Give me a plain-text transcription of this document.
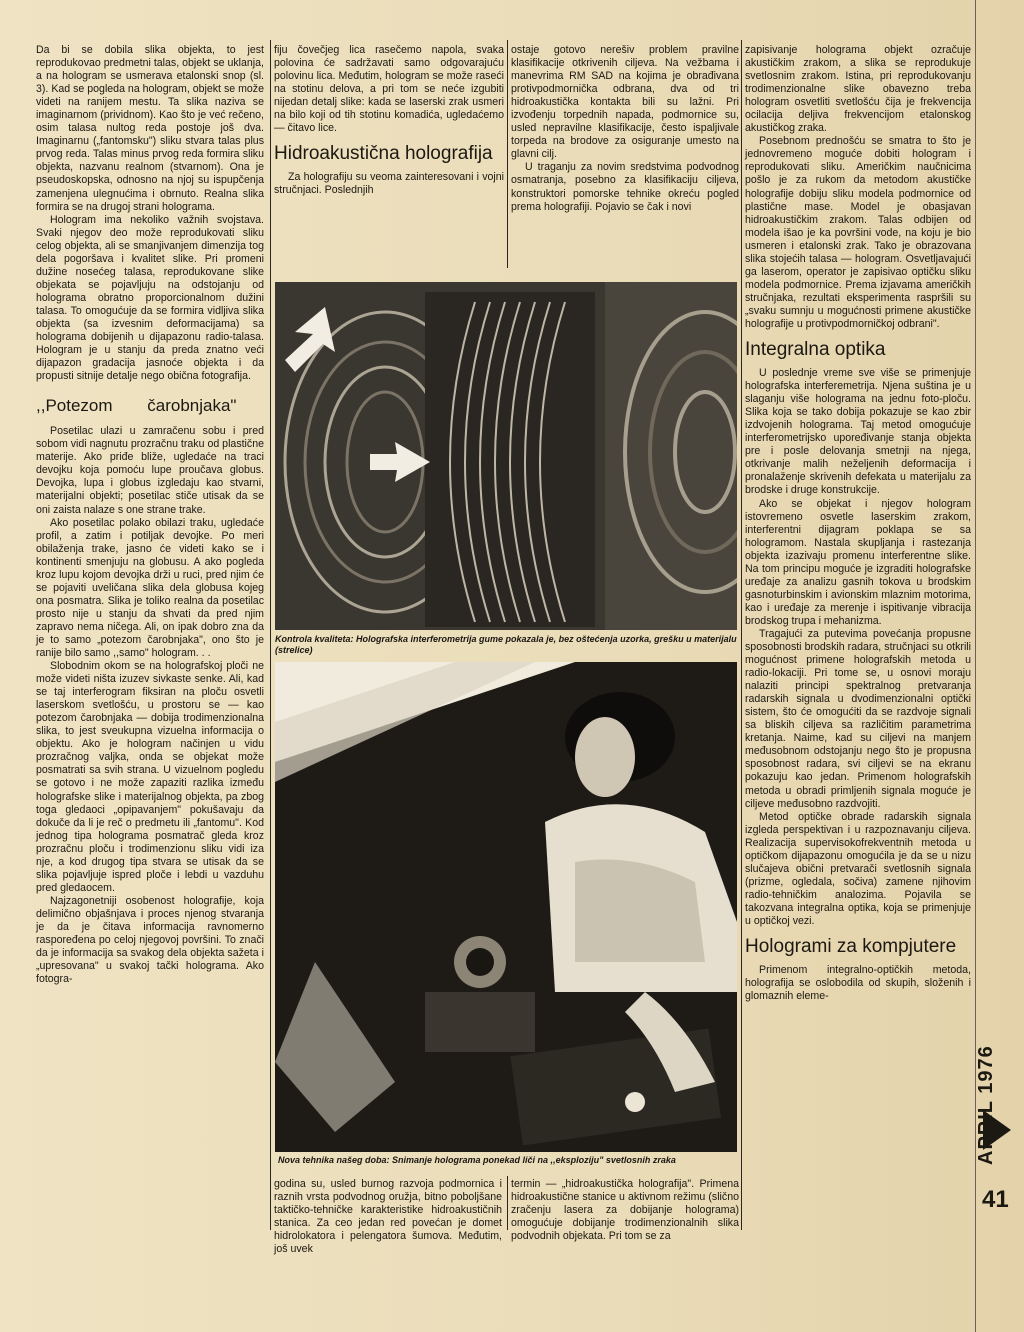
Da bi se dobila slika objekta, to jest reprodukovao predmetni talas, objekt se uklanja, a na hologram se usmerava etalonski snop (sl. 3). Kad se pogleda na hologram, objekt se može videti na ranijem mestu. Ta slika naziva se imaginarnom (prividnom). Kao što je već rečeno, osim talasa nultog reda postoje još dva. Imaginarnu („fantomsku") sliku stvara talas plus prvog reda. Talas minus prvog reda formira sliku objekta, nazvanu realnom (stvarnom). Ona je pseudoskopska, odnosno na njoj su ispupčenja zamenjena ulegnućima i obrnuto. Realna slika formira se na drugoj strani holograma.

Hologram ima nekoliko važnih svojstava. Svaki njegov deo može reprodukovati sliku celog objekta, ali se smanjivanjem dimenzija tog dela pogoršava i kvalitet slike. Pri promeni dužine nosećeg talasa, reprodukovane slike objekata se pojavljuju na odstojanju od holograma obratno proporcionalnom dužini talasa. To omogućuje da se formira vidljiva slika objekta (sa izvesnim deformacijama) sa holograma dobijenih u dijapazonu radio-talasa. Hologram je u stanju da preda znatno veći dijapazon gradacija jasnoće objekta i da propusti sitnije detalje nego obična fotografija.

,,Potezom čarobnjaka"

Posetilac ulazi u zamračenu sobu i pred sobom vidi nagnutu prozračnu traku od plastične materije. Ako priđe bliže, ugledaće na traci devojku koja pomoću lupe proučava globus. Devojka, lupa i globus izgledaju kao stvarni, materijalni objekti; posetilac stiče utisak da se oni zaista nalaze s one strane trake.

Ako posetilac polako obilazi traku, ugledaće profil, a zatim i potiljak devojke. Po meri obilaženja trake, jasno će videti kako se i kontinenti smenjuju na globusu. A ako pogleda kroz lupu kojom devojka drži u ruci, pred njim će se pojaviti uveličana slika dela globusa kojeg ona posmatra. Slika je toliko realna da posetilac prosto nije u stanju da shvati da pred njim zapravo nema ničega. Ali, on ipak dobro zna da je to samo „potezom čarobnjaka", ono što je ranije bilo samo ,,samo" hologram. . .

Slobodnim okom se na holografskoj ploči ne može videti ništa izuzev sivkaste senke. Ali, kad se taj interferogram fiksiran na ploču osvetli laserskom svetlošću, u prostoru se — kao potezom čarobnjaka — dobija trodimenzionalna slika, to jest sveukupna vizuelna informacija o objektu. Ako je hologram načinjen u vidu prozračnog valjka, onda se objekat može posmatrati sa svih strana. U vizuelnom pogledu se gotovo i ne može zapaziti razlika između holografske slike i materijalnog objekta, pa zbog toga gledaoci „opipavanjem" pokušavaju da dokuče da li je reč o predmetu ili „fantomu". Kod jednog tipa holograma posmatrač gleda kroz prozračnu ploču i trodimenzionu sliku vidi iza nje, a kod drugog tipa stvara se utisak da se slika pojavljuje ispred ploče i lebdi u vazduhu pred gledaocem.

Najzagonetniji osobenost holografije, koja delimično objašnjava i proces njenog stvaranja je da je čitava informacija ravnomerno raspoređena po celoj njegovoj površini. To znači da je informacija sa svakog dela objekta sažeta i „upresovana" u svakoj tački holograma. Ako fotogra-

fiju čovečjeg lica rasečemo napola, svaka polovina će sadržavati samo odgovarajuću polovinu lica. Međutim, hologram se može raseći na stotinu delova, a pri tom se neće izgubiti nijedan detalj slike: kada se laserski zrak usmeri na bilo koji od tih stotinu komadića, ugledaćemo — čitavo lice.

Hidroakustična holografija

Za holografiju su veoma zainteresovani i vojni stručnjaci. Poslednjih

ostaje gotovo nerešiv problem pravilne klasifikacije otkrivenih ciljeva. Na vežbama i manevrima RM SAD na kojima je obrađivana protivpodmornička odbrana, dva od tri hidroakustička kontakta bili su lažni. Pri izvođenju torpednih napada, podmornice su, usled nepravilne klasifikacije, često ispaljivale torpeda na brodove za osiguranje umesto na glavni cilj.

U traganju za novim sredstvima podvodnog osmatranja, posebno za klasifikaciju ciljeva, konstruktori pomorske tehnike okreću pogled prema holografiji. Pojavio se čak i novi

Kontrola kvaliteta: Holografska interferometrija gume pokazala je, bez oštećenja uzorka, grešku u materijalu (strelice)
Nova tehnika našeg doba: Snimanje holograma ponekad liči na ,,eksploziju" svetlosnih zraka

godina su, usled burnog razvoja podmornica i raznih vrsta podvodnog oružja, bitno poboljšane taktičko-tehničke karakteristike hidroakustičnih stanica. Za ceo jedan red povećan je domet hidrolokatora i pelengatora šumova. Međutim, još uvek

termin — „hidroakustička holografija". Primena hidroakustične stanice u aktivnom režimu (slično zračenju lasera za dobijanje holograma) omogućuje dobijanje trodimenzionalnih slika podvodnih objekata. Pri tom se za

zapisivanje holograma objekt ozračuje akustičkim zrakom, a slika se reprodukuje svetlosnim zrakom. Istina, pri reprodukovanju trodimenzionalne slike obavezno treba hologram osvetliti svetlošću čija je frekvencija ocilacija deljiva frekvencijom etalonskog akustičkog zraka.

Posebnom prednošću se smatra to što je jednovremeno moguće dobiti hologram i reprodukovati sliku. Američkim naučnicima pošlo je za rukom da metodom akustičke holografije dobiju sliku modela podmornice od plastične mase. Model je obasjavan hidroakustičkim zrakom. Talas odbijen od modela išao je ka površini vode, na koju je bio usmeren i etalonski zrak. Tako je obrazovana slika stojećih talasa — hologram. Osvetljavajući ga laserom, operator je zapisivao optičku sliku modela podmornice. Prema izjavama američkih stručnjaka, rezultati eksperimenta raspršili su „svaku sumnju u mogućnosti primene akustičke holografije u protivpodmorničkoj odbrani".

Integralna optika

U poslednje vreme sve više se primenjuje holografska interferemetrija. Njena suština je u slaganju više holograma na jednu foto-ploču. Slika koja se tako dobija pokazuje se kao zbir izdvojenih holograma. Taj metod omogućuje interferometrijsko upoređivanje stanja objekta pre i posle delovanja smetnji na njega, otkrivanje malih neželjenih deformacija i pronalaženje skrivenih defekata u materijalu za brodske i druge konstrukcije.

Ako se objekat i njegov hologram istovremeno osvetle laserskim zrakom, interferentni dijagram poklapa se sa hologramom. Nastala skupljanja i rastezanja objekta izazivaju promenu interferentne slike. Na tom principu moguće je izgraditi holografske uređaje za analizu gasnih tokova u brodskim gasnoturbinskim i avionskim mlaznim motorima, kao i uređaje za merenje i ispitivanje vibracija brodskog trupa i mehanizma.

Tragajući za putevima povećanja propusne sposobnosti brodskih radara, stručnjaci su otkrili mogućnost primene holografskih metoda u radio-lokaciji. Pri tome se, u osnovi moraju nalaziti principi spektralnog pretvaranja radarskih signala u dvodimenzionalni optički sistem, što će omogućiti da se razdvoje signali sa bliskih ciljeva sa različitim parametrima kretanja. Naime, kad su ciljevi na manjem međusobnom odstojanju nego što je propusna sposobnost radara, svi ciljevi se na ekranu pokazuju kao jedan. Primenom holografskih metoda u obradi primljenih signala moguće je ciljeve međusobno razdvojiti.

Metod optičke obrade radarskih signala izgleda perspektivan i u razpoznavanju ciljeva. Realizacija supervisokofrekventnih metoda u optičkom dijapazonu omogućila je da se u nizu slučajeva obični pretvarači svetlosnih signala (prizme, ogledala, sočiva) zamene njihovim radio-tehničkim analozima. Pojavila se takozvana integralna optika, koja se primenjuje u optičkoj vezi.

Hologrami za kompjutere

Primenom integralno-optičkih metoda, holografija se oslobodila od skupih, složenih i glomaznih eleme-

APRIL 1976
41
